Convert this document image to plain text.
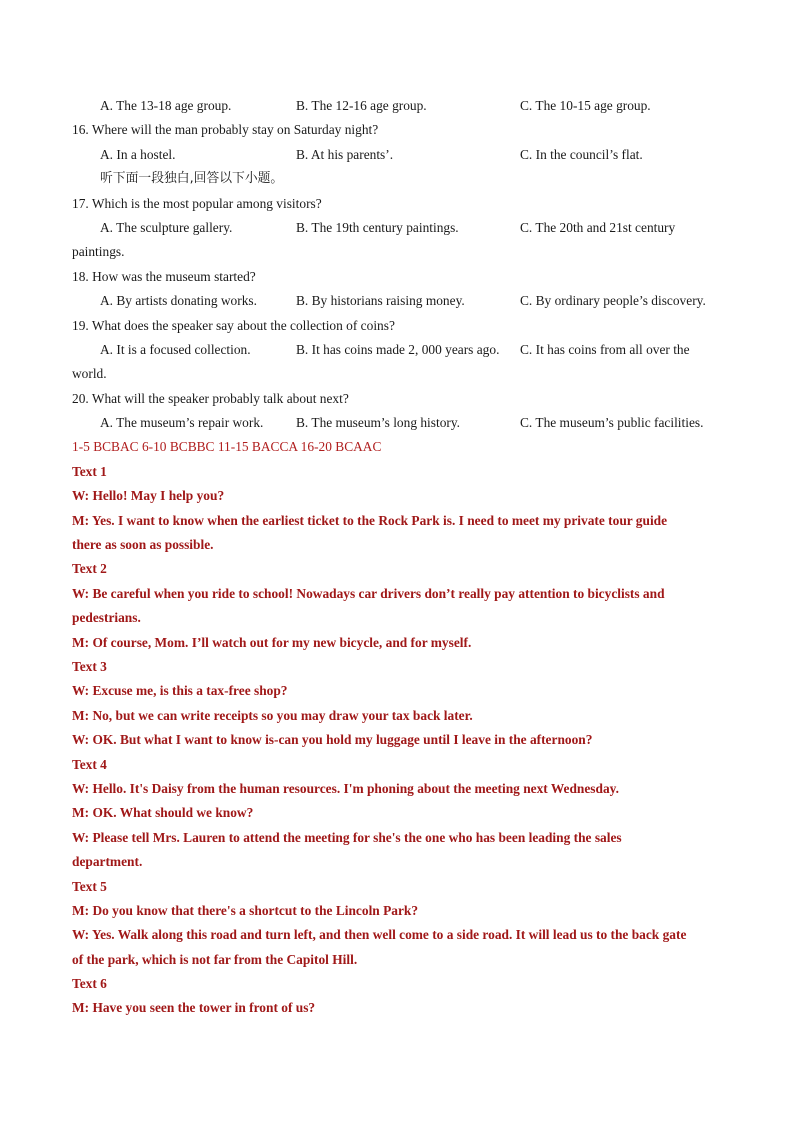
A. The 13-18 age group.	B. The 12-16 age group.	C. The 10-15 age group.
16. Where will the man probably stay on Saturday night?
A. In a hostel.	B. At his parents’.	C. In the council’s flat.
听下面一段独白,回答以下小题。
17. Which is the most popular among visitors?
A. The sculpture gallery.	B. The 19th century paintings.	C. The 20th and 21st century
paintings.
18. How was the museum started?
A. By artists donating works.	B. By historians raising money.	C. By ordinary people’s discovery.
19. What does the speaker say about the collection of coins?
A. It is a focused collection.	B. It has coins made 2, 000 years ago. C. It has coins from all over the
world.
20. What will the speaker probably talk about next?
A. The museum’s repair work. B. The museum’s long history.	C. The museum’s public facilities.
1-5 BCBAC 6-10 BCBBC 11-15 BACCA 16-20 BCAAC
Text 1
W: Hello! May I help you?
M: Yes. I want to know when the earliest ticket to the Rock Park is. I need to meet my private tour guide
there as soon as possible.
Text 2
W: Be careful when you ride to school! Nowadays car drivers don’t really pay attention to bicyclists and
pedestrians.
M: Of course, Mom. I’ll watch out for my new bicycle, and for myself.
Text 3
W: Excuse me, is this a tax-free shop?
M: No, but we can write receipts so you may draw your tax back later.
W: OK. But what I want to know is-can you hold my luggage until I leave in the afternoon?
Text 4
W: Hello. It's Daisy from the human resources. I'm phoning about the meeting next Wednesday.
M: OK. What should we know?
W: Please tell Mrs. Lauren to attend the meeting for she's the one who has been leading the sales
department.
Text 5
M: Do you know that there's a shortcut to the Lincoln Park?
W: Yes. Walk along this road and turn left, and then well come to a side road. It will lead us to the back gate
of the park, which is not far from the Capitol Hill.
Text 6
M: Have you seen the tower in front of us?
